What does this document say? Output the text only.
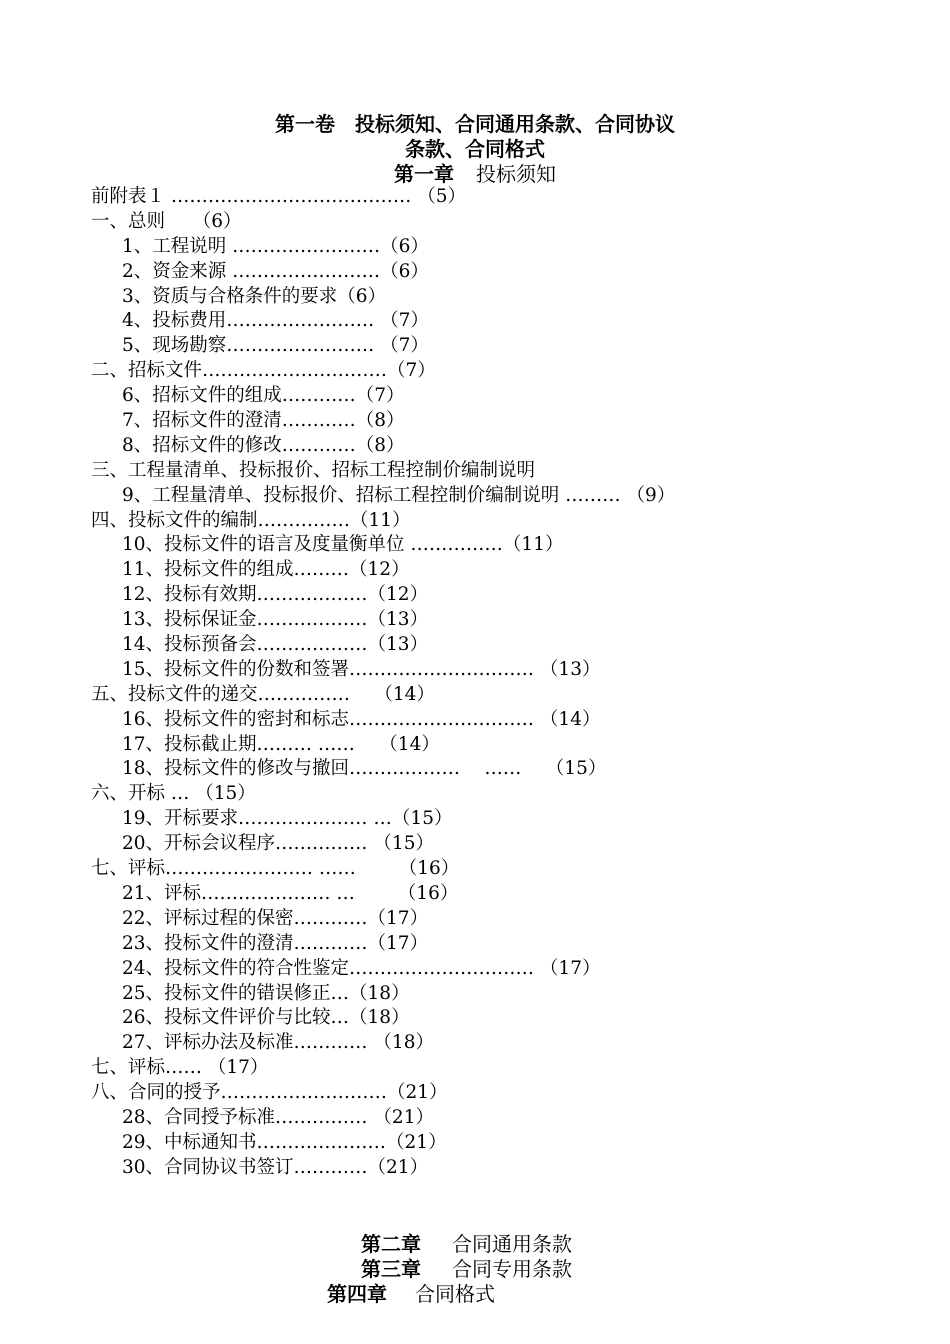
第一卷　投标须知、合同通用条款、合同协议

条款、合同格式

第一章 投标须知

前附表１ ………………………………… （5）
一、总则　　（6）
1、工程说明 ……………………（6）
2、资金来源 ……………………（6）
3、资质与合格条件的要求（6）
4、投标费用…………………… （7）
5、现场勘察…………………… （7）
二、招标文件…………………………（7）
6、招标文件的组成…………（7）
7、招标文件的澄清…………（8）
8、招标文件的修改…………（8）
三、工程量清单、投标报价、招标工程控制价编制说明
9、工程量清单、投标报价、招标工程控制价编制说明 ……… （9）
四、投标文件的编制……………（11）
10、投标文件的语言及度量衡单位 ……………（11）
11、投标文件的组成………（12）
12、投标有效期………………（12）
13、投标保证金………………（13）
14、投标预备会………………（13）
15、投标文件的份数和签署………………………… （13）
五、投标文件的递交……………　 （14）
16、投标文件的密封和标志………………………… （14）
17、投标截止期……… ……　 （14）
18、投标文件的修改与撤回………………　 ……　 （15）
六、开标 … （15）
19、开标要求………………… …（15）
20、开标会议程序…………… （15）
七、评标…………………… ……　　 （16）
21、评标………………… …　　 （16）
22、评标过程的保密…………（17）
23、投标文件的澄清…………（17）
24、投标文件的符合性鉴定………………………… （17）
25、投标文件的错误修正…（18）
26、投标文件评价与比较…（18）
27、评标办法及标准………… （18）
七、评标…… （17）
八、合同的授予………………………（21）
28、合同授予标准…………… （21）
29、中标通知书…………………（21）
30、合同协议书签订…………（21）

第二章 合同通用条款

第三章 合同专用条款

第四章 合同格式
